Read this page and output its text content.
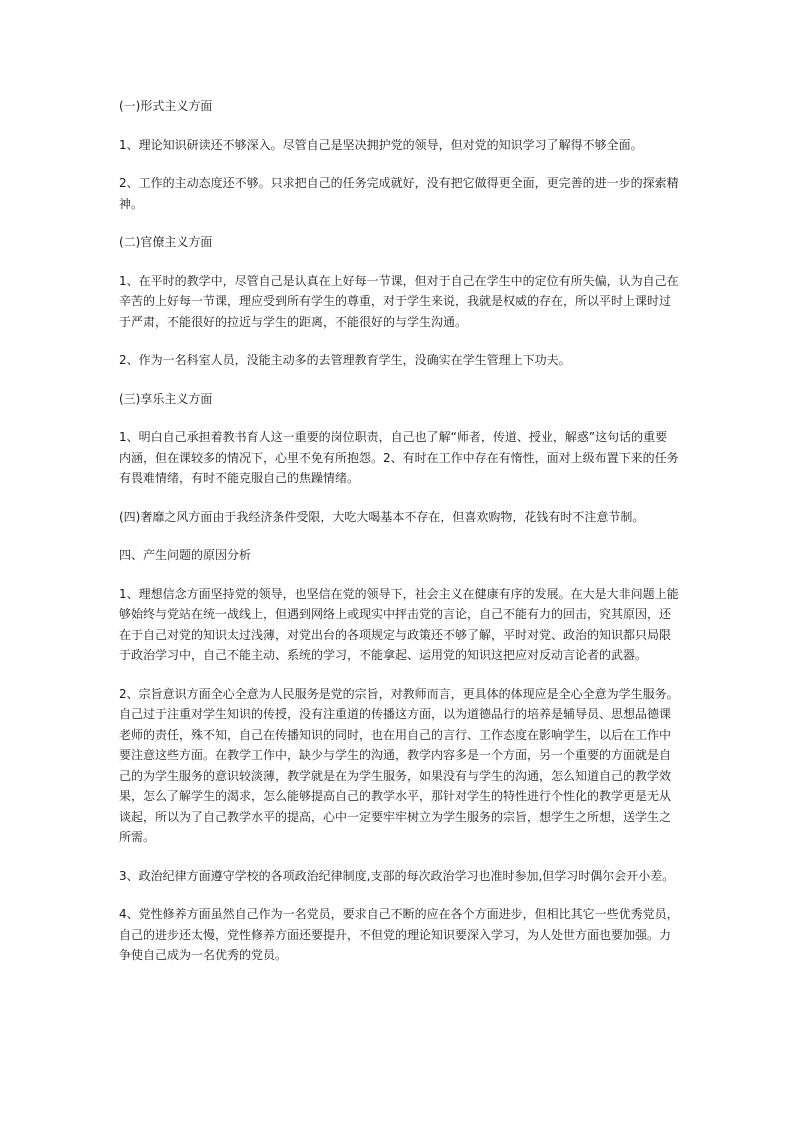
(一)形式主义方面

1、理论知识研读还不够深入。尽管自己是坚决拥护党的领导，但对党的知识学习了解得不够全面。

2、工作的主动态度还不够。只求把自己的任务完成就好，没有把它做得更全面，更完善的进一步的探索精神。

(二)官僚主义方面

1、在平时的教学中，尽管自己是认真在上好每一节课，但对于自己在学生中的定位有所失偏，认为自己在辛苦的上好每一节课，理应受到所有学生的尊重，对于学生来说，我就是权威的存在，所以平时上课时过于严肃，不能很好的拉近与学生的距离，不能很好的与学生沟通。

2、作为一名科室人员，没能主动多的去管理教育学生，没确实在学生管理上下功夫。

(三)享乐主义方面

1、明白自己承担着教书育人这一重要的岗位职责，自己也了解“师者，传道、授业，解惑”这句话的重要内涵，但在课较多的情况下，心里不免有所抱怨。2、有时在工作中存在有惰性，面对上级布置下来的任务有畏难情绪，有时不能克服自己的焦躁情绪。

(四)奢靡之风方面由于我经济条件受限，大吃大喝基本不存在，但喜欢购物，花钱有时不注意节制。

四、产生问题的原因分析

1、理想信念方面坚持党的领导，也坚信在党的领导下，社会主义在健康有序的发展。在大是大非问题上能够始终与党站在统一战线上，但遇到网络上或现实中抨击党的言论，自己不能有力的回击，究其原因，还在于自己对党的知识太过浅薄，对党出台的各项规定与政策还不够了解，平时对党、政治的知识都只局限于政治学习中，自己不能主动、系统的学习，不能拿起、运用党的知识这把应对反动言论者的武器。

2、宗旨意识方面全心全意为人民服务是党的宗旨，对教师而言，更具体的体现应是全心全意为学生服务。自己过于注重对学生知识的传授，没有注重道的传播这方面，以为道德品行的培养是辅导员、思想品德课老师的责任，殊不知，自己在传播知识的同时，也在用自己的言行、工作态度在影响学生，以后在工作中要注意这些方面。在教学工作中，缺少与学生的沟通，教学内容多是一个方面，另一个重要的方面就是自己的为学生服务的意识较淡薄，教学就是在为学生服务，如果没有与学生的沟通，怎么知道自己的教学效果，怎么了解学生的渴求，怎么能够提高自己的教学水平，那针对学生的特性进行个性化的教学更是无从谈起，所以为了自己教学水平的提高，心中一定要牢牢树立为学生服务的宗旨，想学生之所想，送学生之所需。

3、政治纪律方面遵守学校的各项政治纪律制度,支部的每次政治学习也准时参加,但学习时偶尔会开小差。

4、党性修养方面虽然自己作为一名党员，要求自己不断的应在各个方面进步，但相比其它一些优秀党员，自己的进步还太慢，党性修养方面还要提升，不但党的理论知识要深入学习，为人处世方面也要加强。力争使自己成为一名优秀的党员。
